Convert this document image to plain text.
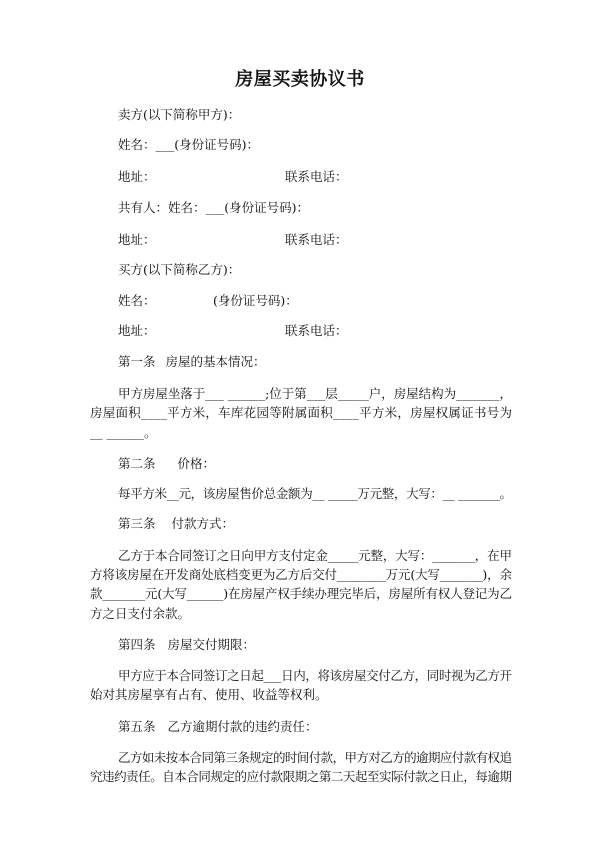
房屋买卖协议书
卖方(以下简称甲方)：
姓名：___(身份证号码)：
地址：	联系电话：
共有人：姓名：___(身份证号码)：
地址：	联系电话：
买方(以下简称乙方)：
姓名：	(身份证号码)：
地址：	联系电话：
第一条 房屋的基本情况：
甲方房屋坐落于___ ______;位于第___层_____户，房屋结构为_______，
房屋面积____平方米，车库花园等附属面积____平方米，房屋权属证书号为
__ ______。
第二条 价格：
每平方米__元，该房屋售价总金额为__ _____万元整，大写：__ _______。
第三条 付款方式：
乙方于本合同签订之日向甲方支付定金_____元整，大写：_______，在甲
方将该房屋在开发商处底档变更为乙方后交付________万元(大写_______)，余
款_______元(大写______)在房屋产权手续办理完毕后，房屋所有权人登记为乙
方之日支付余款。
第四条 房屋交付期限：
甲方应于本合同签订之日起___日内，将该房屋交付乙方，同时视为乙方开
始对其房屋享有占有、使用、收益等权利。
第五条 乙方逾期付款的违约责任：
乙方如未按本合同第三条规定的时间付款，甲方对乙方的逾期应付款有权追
究违约责任。自本合同规定的应付款限期之第二天起至实际付款之日止，每逾期
